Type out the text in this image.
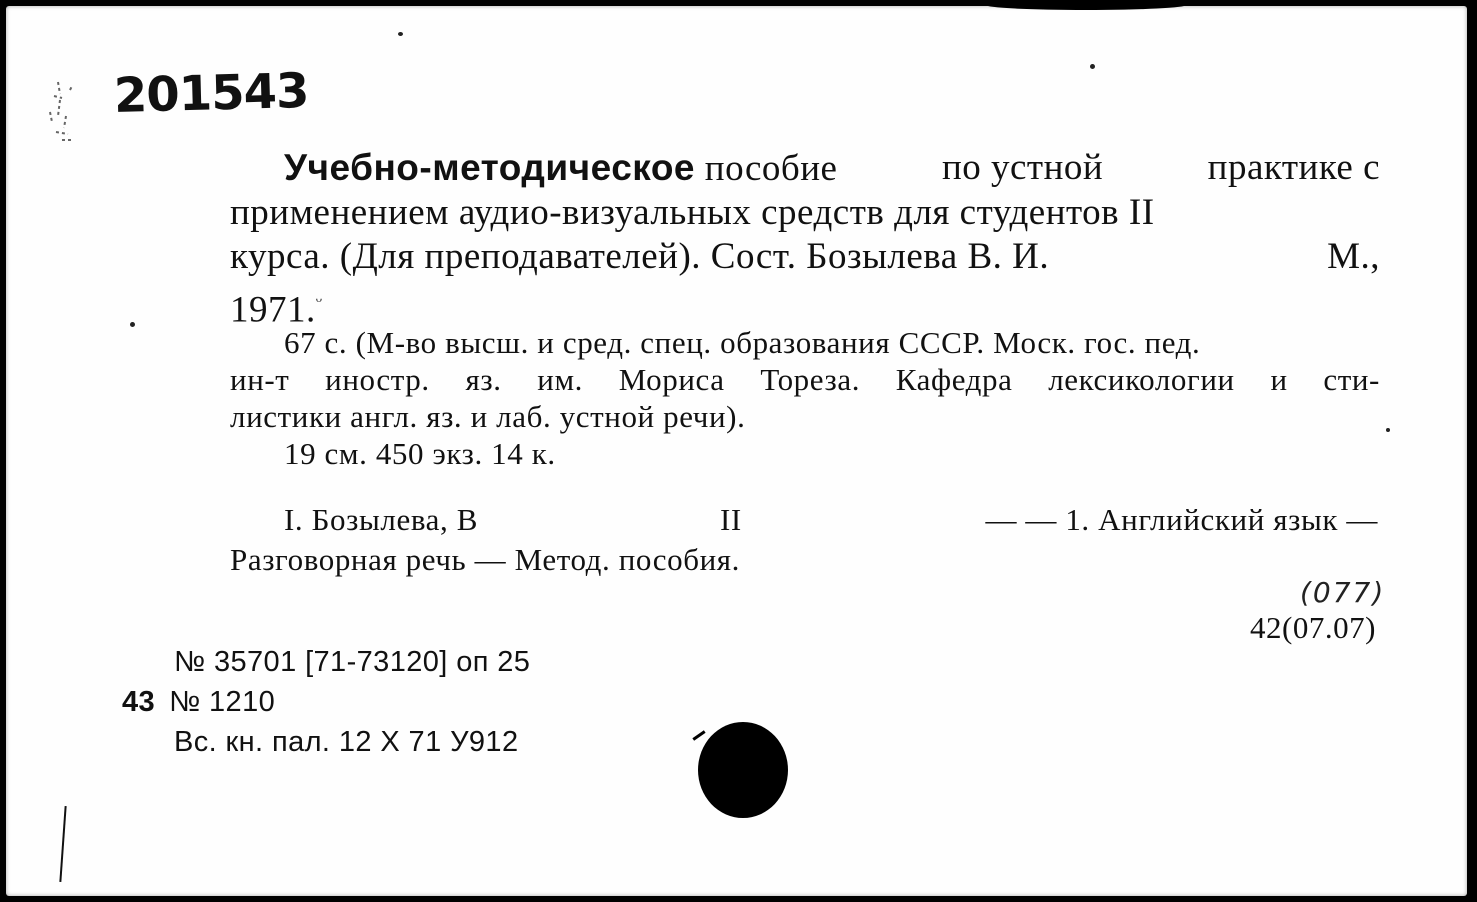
201543
Учебно-методическое пособие	по устной	практике с
применением аудио-визуальных средств для студентов II
курса. (Для преподавателей). Сост. Бозылева В. И.	М.,
1971.$^ᵕ$
67 с. (М-во высш. и сред. спец. образования СССР. Моск. гос. пед.
ин-т иностр. яз. им. Мориса Тореза. Кафедра лексикологии и сти-
листики англ. яз. и лаб. устной речи).
19 см. 450 экз. 14 к.
I. Бозылева, В	II	— — 1. Английский язык —
Разговорная речь — Метод. пособия.
(077)
42(07.07)
№ 35701 [71-73120] оп 25
43 № 1210
Вс. кн. пал. 12 X 71 У912
